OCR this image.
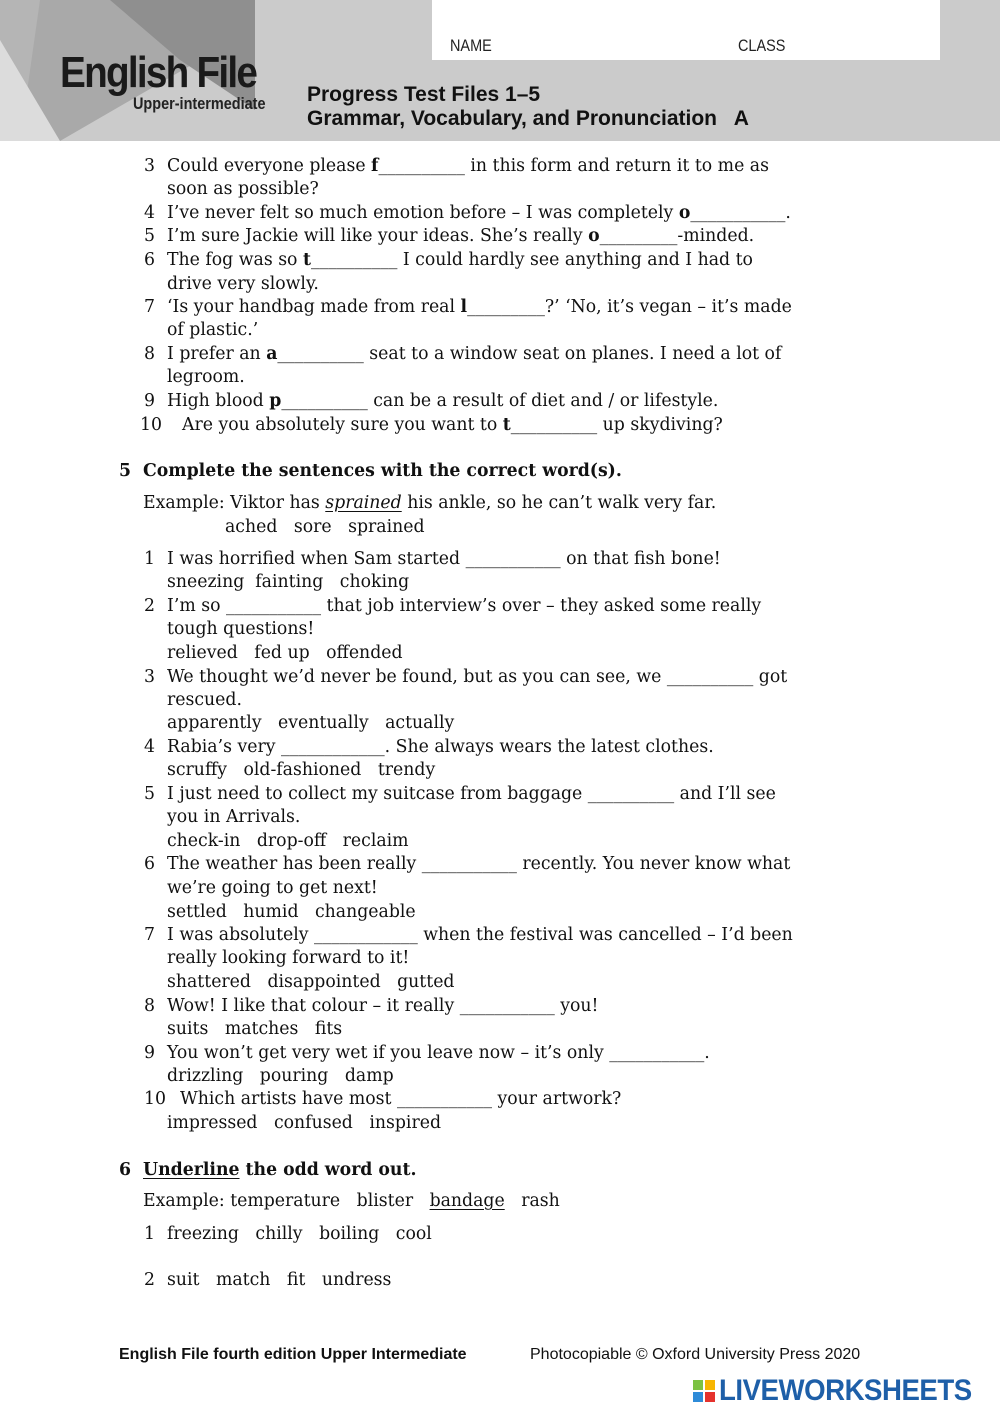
NAME	CLASS
English File
Upper-intermediate Progress Test Files 1–5
Grammar, Vocabulary, and Pronunciation   A
3 Could everyone please f__________ in this form and return it to me as
soon as possible?
4 I’ve never felt so much emotion before – I was completely o___________.
5 I’m sure Jackie will like your ideas. She’s really o_________-minded.
6 The fog was so t__________ I could hardly see anything and I had to
drive very slowly.
7 ‘Is your handbag made from real l_________?’ ‘No, it’s vegan – it’s made
of plastic.’
8 I prefer an a__________ seat to a window seat on planes. I need a lot of
legroom.
9 High blood p__________ can be a result of diet and / or lifestyle.
10 Are you absolutely sure you want to t__________ up skydiving?
1 I was horrified when Sam started ___________ on that fish bone!
sneezing  fainting   choking
2 I’m so ___________ that job interview’s over – they asked some really
tough questions!
relieved   fed up   offended
3 We thought we’d never be found, but as you can see, we __________ got
rescued.
apparently   eventually   actually
4 Rabia’s very ____________. She always wears the latest clothes.
scruffy   old-fashioned   trendy
5 I just need to collect my suitcase from baggage __________ and I’ll see
you in Arrivals.
check-in   drop-off   reclaim
6 The weather has been really ___________ recently. You never know what
we’re going to get next!
settled   humid   changeable
7 I was absolutely ____________ when the festival was cancelled – I’d been
really looking forward to it!
shattered   disappointed   gutted
8 Wow! I like that colour – it really ___________ you!
suits   matches   fits
9 You won’t get very wet if you leave now – it’s only ___________.
drizzling   pouring   damp
10 Which artists have most ___________ your artwork?
impressed   confused   inspired
1 freezing chilly boiling cool
2 suit match fit undress
5 Complete the sentences with the correct word(s).
Example: Viktor has sprained his ankle, so he can’t walk very far.
ached   sore   sprained
6 Underline the odd word out.
Example: temperature blister bandage rash
English File fourth edition Upper Intermediate	Photocopiable © Oxford University Press 2020
LIVEWORKSHEETS
